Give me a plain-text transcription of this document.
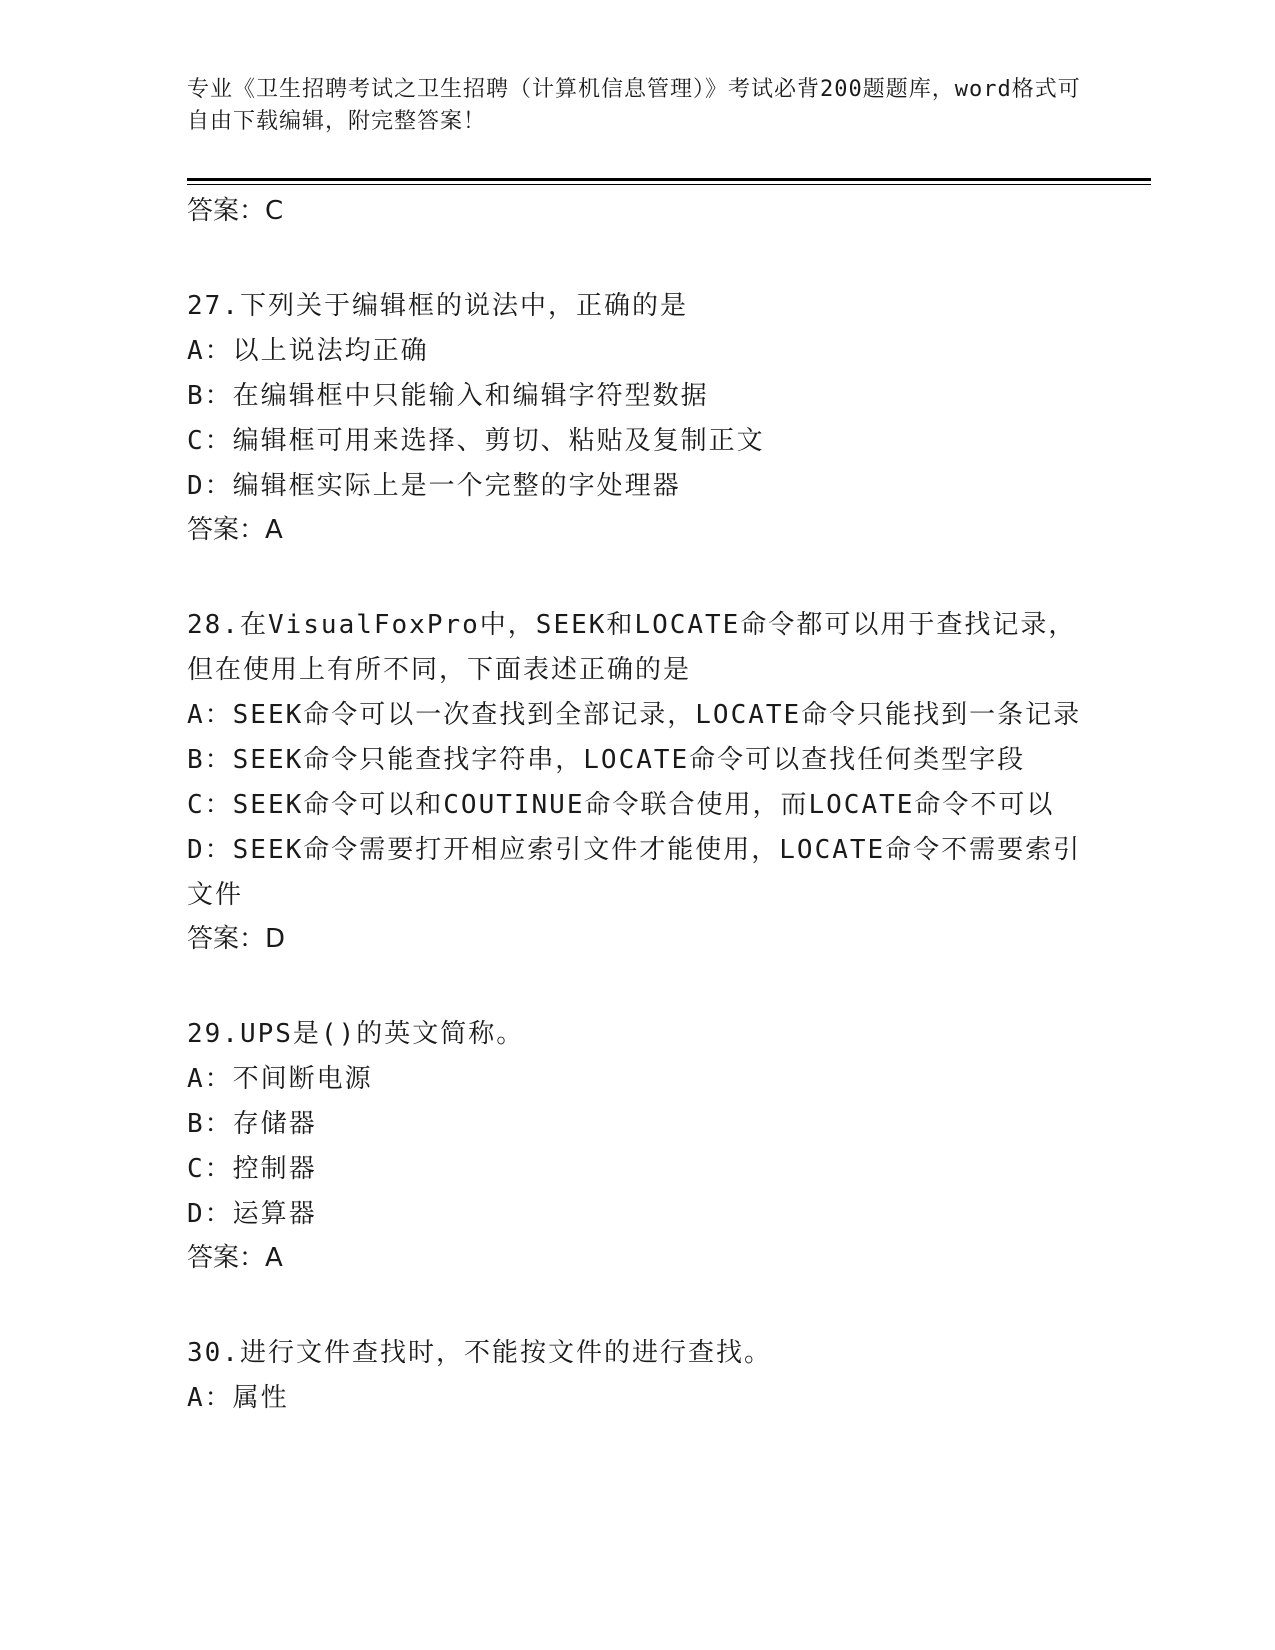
专业《卫生招聘考试之卫生招聘（计算机信息管理）》考试必背200题题库，word格式可自由下载编辑，附完整答案！
答案：C
27.下列关于编辑框的说法中，正确的是
A：以上说法均正确
B：在编辑框中只能输入和编辑字符型数据
C：编辑框可用来选择、剪切、粘贴及复制正文
D：编辑框实际上是一个完整的字处理器
答案：A
28.在VisualFoxPro中，SEEK和LOCATE命令都可以用于查找记录，但在使用上有所不同，下面表述正确的是
A：SEEK命令可以一次查找到全部记录，LOCATE命令只能找到一条记录
B：SEEK命令只能查找字符串，LOCATE命令可以查找任何类型字段
C：SEEK命令可以和COUTINUE命令联合使用，而LOCATE命令不可以
D：SEEK命令需要打开相应索引文件才能使用，LOCATE命令不需要索引文件
答案：D
29.UPS是()的英文简称。
A：不间断电源
B：存储器
C：控制器
D：运算器
答案：A
30.进行文件查找时，不能按文件的进行查找。
A：属性
